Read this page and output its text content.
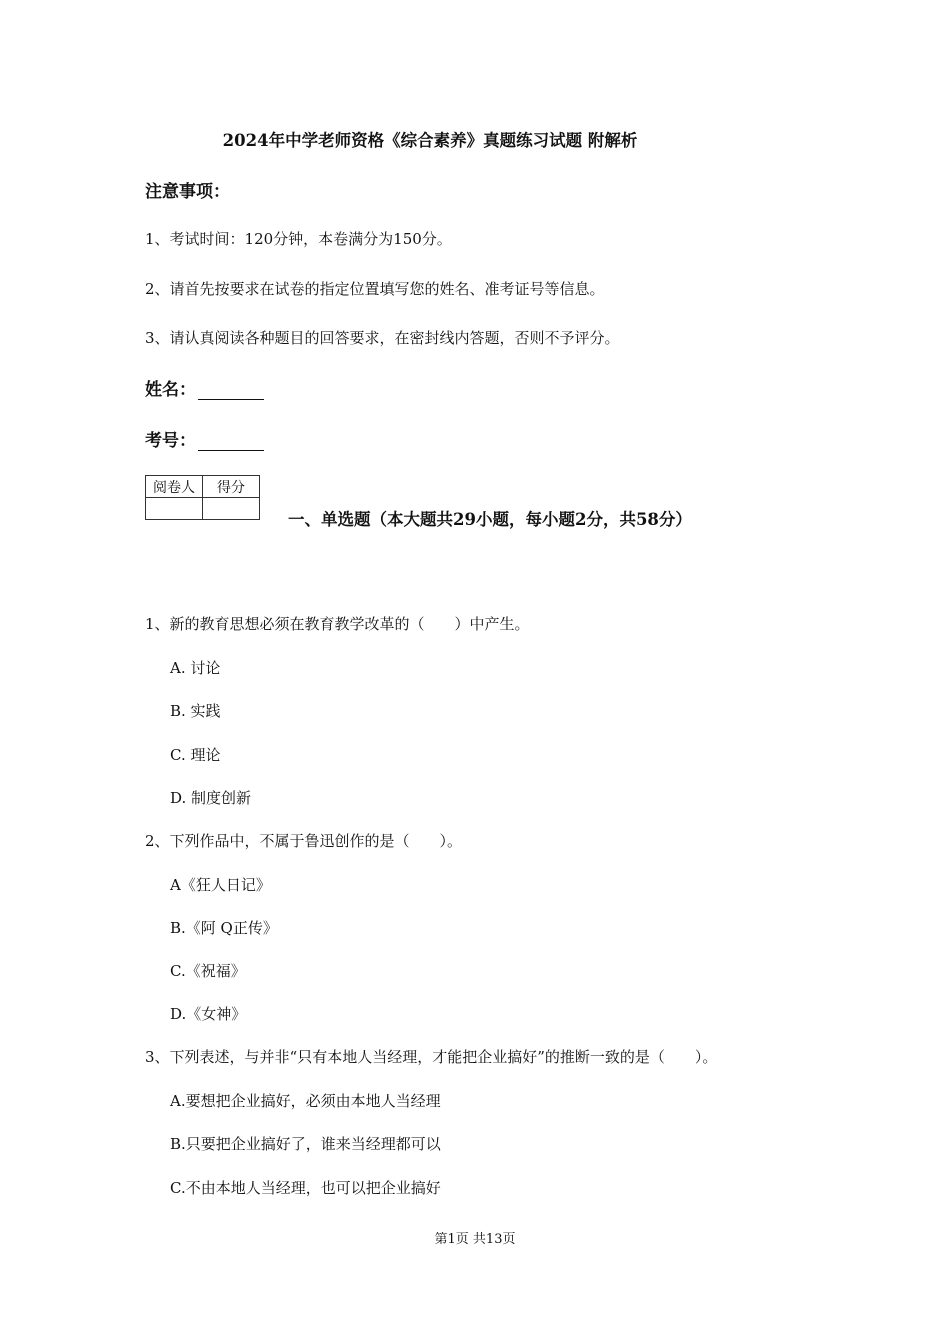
2024年中学老师资格《综合素养》真题练习试题 附解析
注意事项：
1、考试时间：120分钟，本卷满分为150分。
2、请首先按要求在试卷的指定位置填写您的姓名、准考证号等信息。
3、请认真阅读各种题目的回答要求，在密封线内答题，否则不予评分。
姓名：
考号：
阅卷人	得分

一、单选题（本大题共29小题，每小题2分，共58分）
1、新的教育思想必须在教育教学改革的（　　）中产生。
A. 讨论
B. 实践
C. 理论
D. 制度创新
2、下列作品中，不属于鲁迅创作的是（　　）。
A《狂人日记》
B.《阿 Q正传》
C.《祝福》
D.《女神》
3、下列表述，与并非“只有本地人当经理，才能把企业搞好”的推断一致的是（　　）。
A.要想把企业搞好，必须由本地人当经理
B.只要把企业搞好了，谁来当经理都可以
C.不由本地人当经理，也可以把企业搞好
第1页 共13页
